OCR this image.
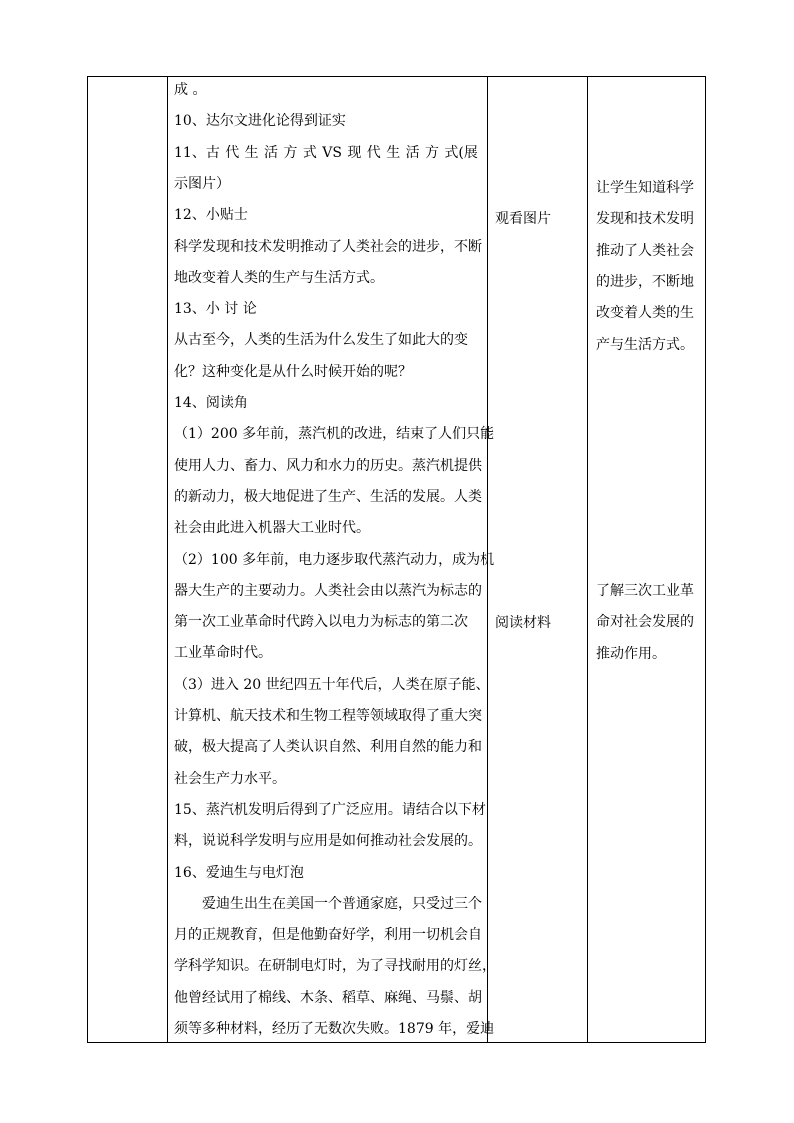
成 。
10、达尔文进化论得到证实
11、古 代 生 活 方 式 VS 现 代 生 活 方 式(展
示图片）
12、小贴士
科学发现和技术发明推动了人类社会的进步，不断
地改变着人类的生产与生活方式。
13、小 讨 论
从古至今，人类的生活为什么发生了如此大的变
化？这种变化是从什么时候开始的呢？
14、阅读角
（1）200 多年前，蒸汽机的改进，结束了人们只能
使用人力、畜力、风力和水力的历史。蒸汽机提供
的新动力，极大地促进了生产、生活的发展。人类
社会由此进入机器大工业时代。
（2）100 多年前，电力逐步取代蒸汽动力，成为机
器大生产的主要动力。人类社会由以蒸汽为标志的
第一次工业革命时代跨入以电力为标志的第二次
工业革命时代。
（3）进入 20 世纪四五十年代后，人类在原子能、
计算机、航天技术和生物工程等领域取得了重大突
破，极大提高了人类认识自然、利用自然的能力和
社会生产力水平。
15、蒸汽机发明后得到了广泛应用。请结合以下材
料，说说科学发明与应用是如何推动社会发展的。
16、爱迪生与电灯泡
　　爱迪生出生在美国一个普通家庭，只受过三个
月的正规教育，但是他勤奋好学，利用一切机会自
学科学知识。在研制电灯时，为了寻找耐用的灯丝，
他曾经试用了棉线、木条、稻草、麻绳、马鬃、胡
须等多种材料，经历了无数次失败。1879 年，爱迪
观看图片
阅读材料
让学生知道科学
发现和技术发明
推动了人类社会
的进步，不断地
改变着人类的生
产与生活方式。
了解三次工业革
命对社会发展的
推动作用。
